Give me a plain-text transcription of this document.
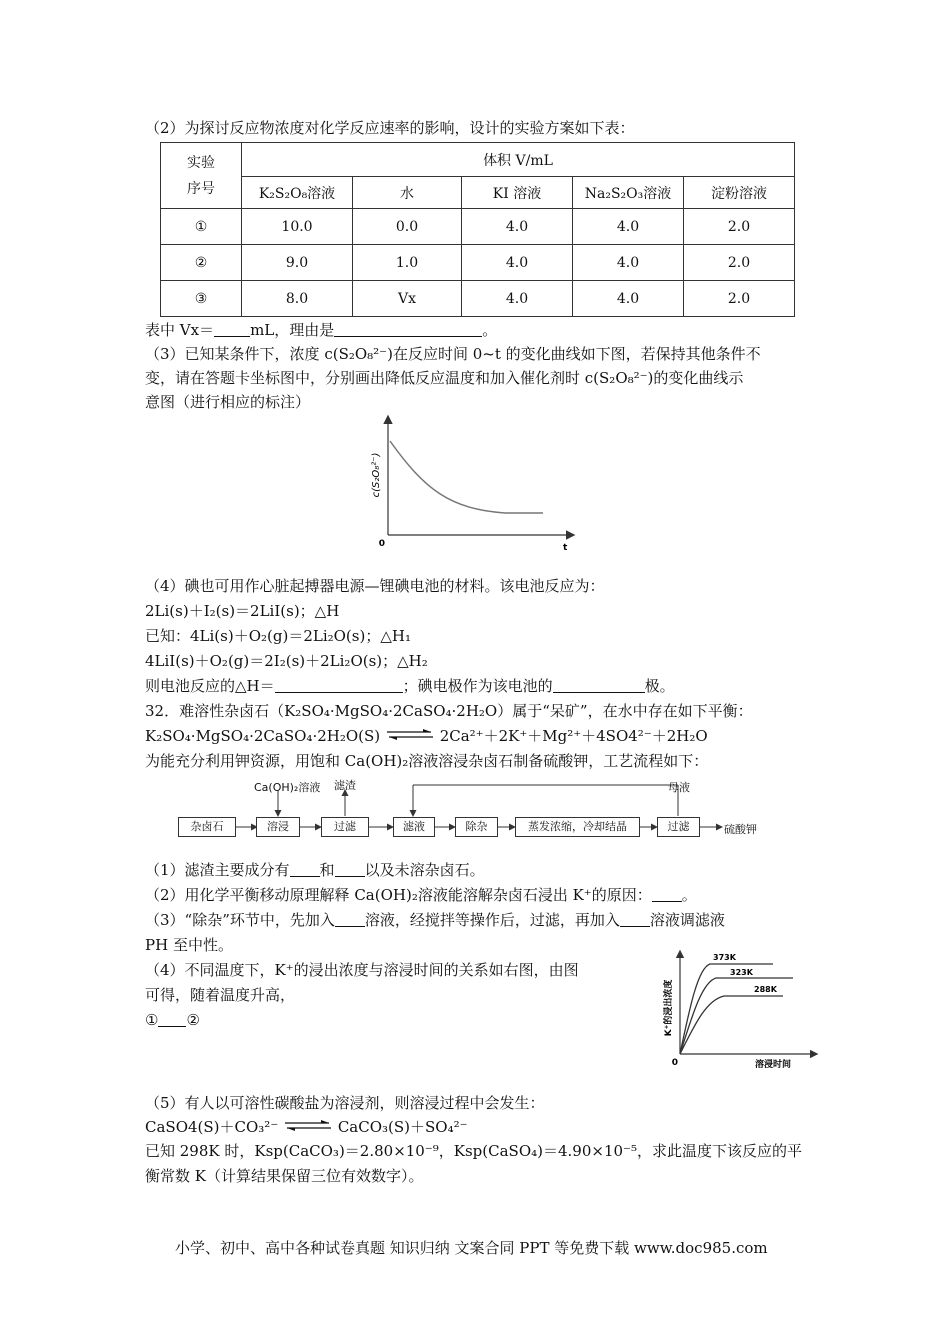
（2）为探讨反应物浓度对化学反应速率的影响，设计的实验方案如下表：
实验
序号	体积 V/mL				
	K₂S₂O₈溶液	水	KI 溶液	Na₂S₂O₃溶液	淀粉溶液
①	10.0	0.0	4.0	4.0	2.0
②	9.0	1.0	4.0	4.0	2.0
③	8.0	Vx	4.0	4.0	2.0
表中 Vx＝ mL，理由是	。
（3）已知某条件下，浓度 c(S₂O₈²⁻)在反应时间 0~t 的变化曲线如下图，若保持其他条件不
变，请在答题卡坐标图中，分别画出降低反应温度和加入催化剂时 c(S₂O₈²⁻)的变化曲线示
意图（进行相应的标注）
0	t
c(S₂O₈²⁻)
（4）碘也可用作心脏起搏器电源—锂碘电池的材料。该电池反应为：
2Li(s)＋I₂(s)＝2LiI(s)；△H
已知：4Li(s)＋O₂(g)＝2Li₂O(s)；△H₁
4LiI(s)＋O₂(g)＝2I₂(s)＋2Li₂O(s)；△H₂
则电池反应的△H＝	；碘电极作为该电池的	极。
32．难溶性杂卤石（K₂SO₄·MgSO₄·2CaSO₄·2H₂O）属于“呆矿”，在水中存在如下平衡：
K₂SO₄·MgSO₄·2CaSO₄·2H₂O(S) ⇌ 2Ca²⁺＋2K⁺＋Mg²⁺＋4SO4²⁻＋2H₂O
为能充分利用钾资源，用饱和 Ca(OH)₂溶液溶浸杂卤石制备硫酸钾，工艺流程如下：
Ca(OH)₂溶液 滤渣	母液
杂卤石	溶浸	过滤	滤液	除杂	蒸发浓缩，冷却结晶	过滤	硫酸钾
（1）滤渣主要成分有 和 以及未溶杂卤石。
（2）用化学平衡移动原理解释 Ca(OH)₂溶液能溶解杂卤石浸出 K⁺的原因： 。
（3）“除杂”环节中，先加入 溶液，经搅拌等操作后，过滤，再加入 溶液调滤液
PH 至中性。
（4）不同温度下，K⁺的浸出浓度与溶浸时间的关系如右图，由图
可得，随着温度升高，
① ②
373K
323K
288K
0	溶浸时间
K⁺的浸出浓度
（5）有人以可溶性碳酸盐为溶浸剂，则溶浸过程中会发生：
CaSO4(S)＋CO₃²⁻ ⇌ CaCO₃(S)＋SO₄²⁻
已知 298K 时，Ksp(CaCO₃)＝2.80×10⁻⁹，Ksp(CaSO₄)＝4.90×10⁻⁵，求此温度下该反应的平
衡常数 K（计算结果保留三位有效数字）。
小学、初中、高中各种试卷真题 知识归纳 文案合同 PPT 等免费下载 www.doc985.com
